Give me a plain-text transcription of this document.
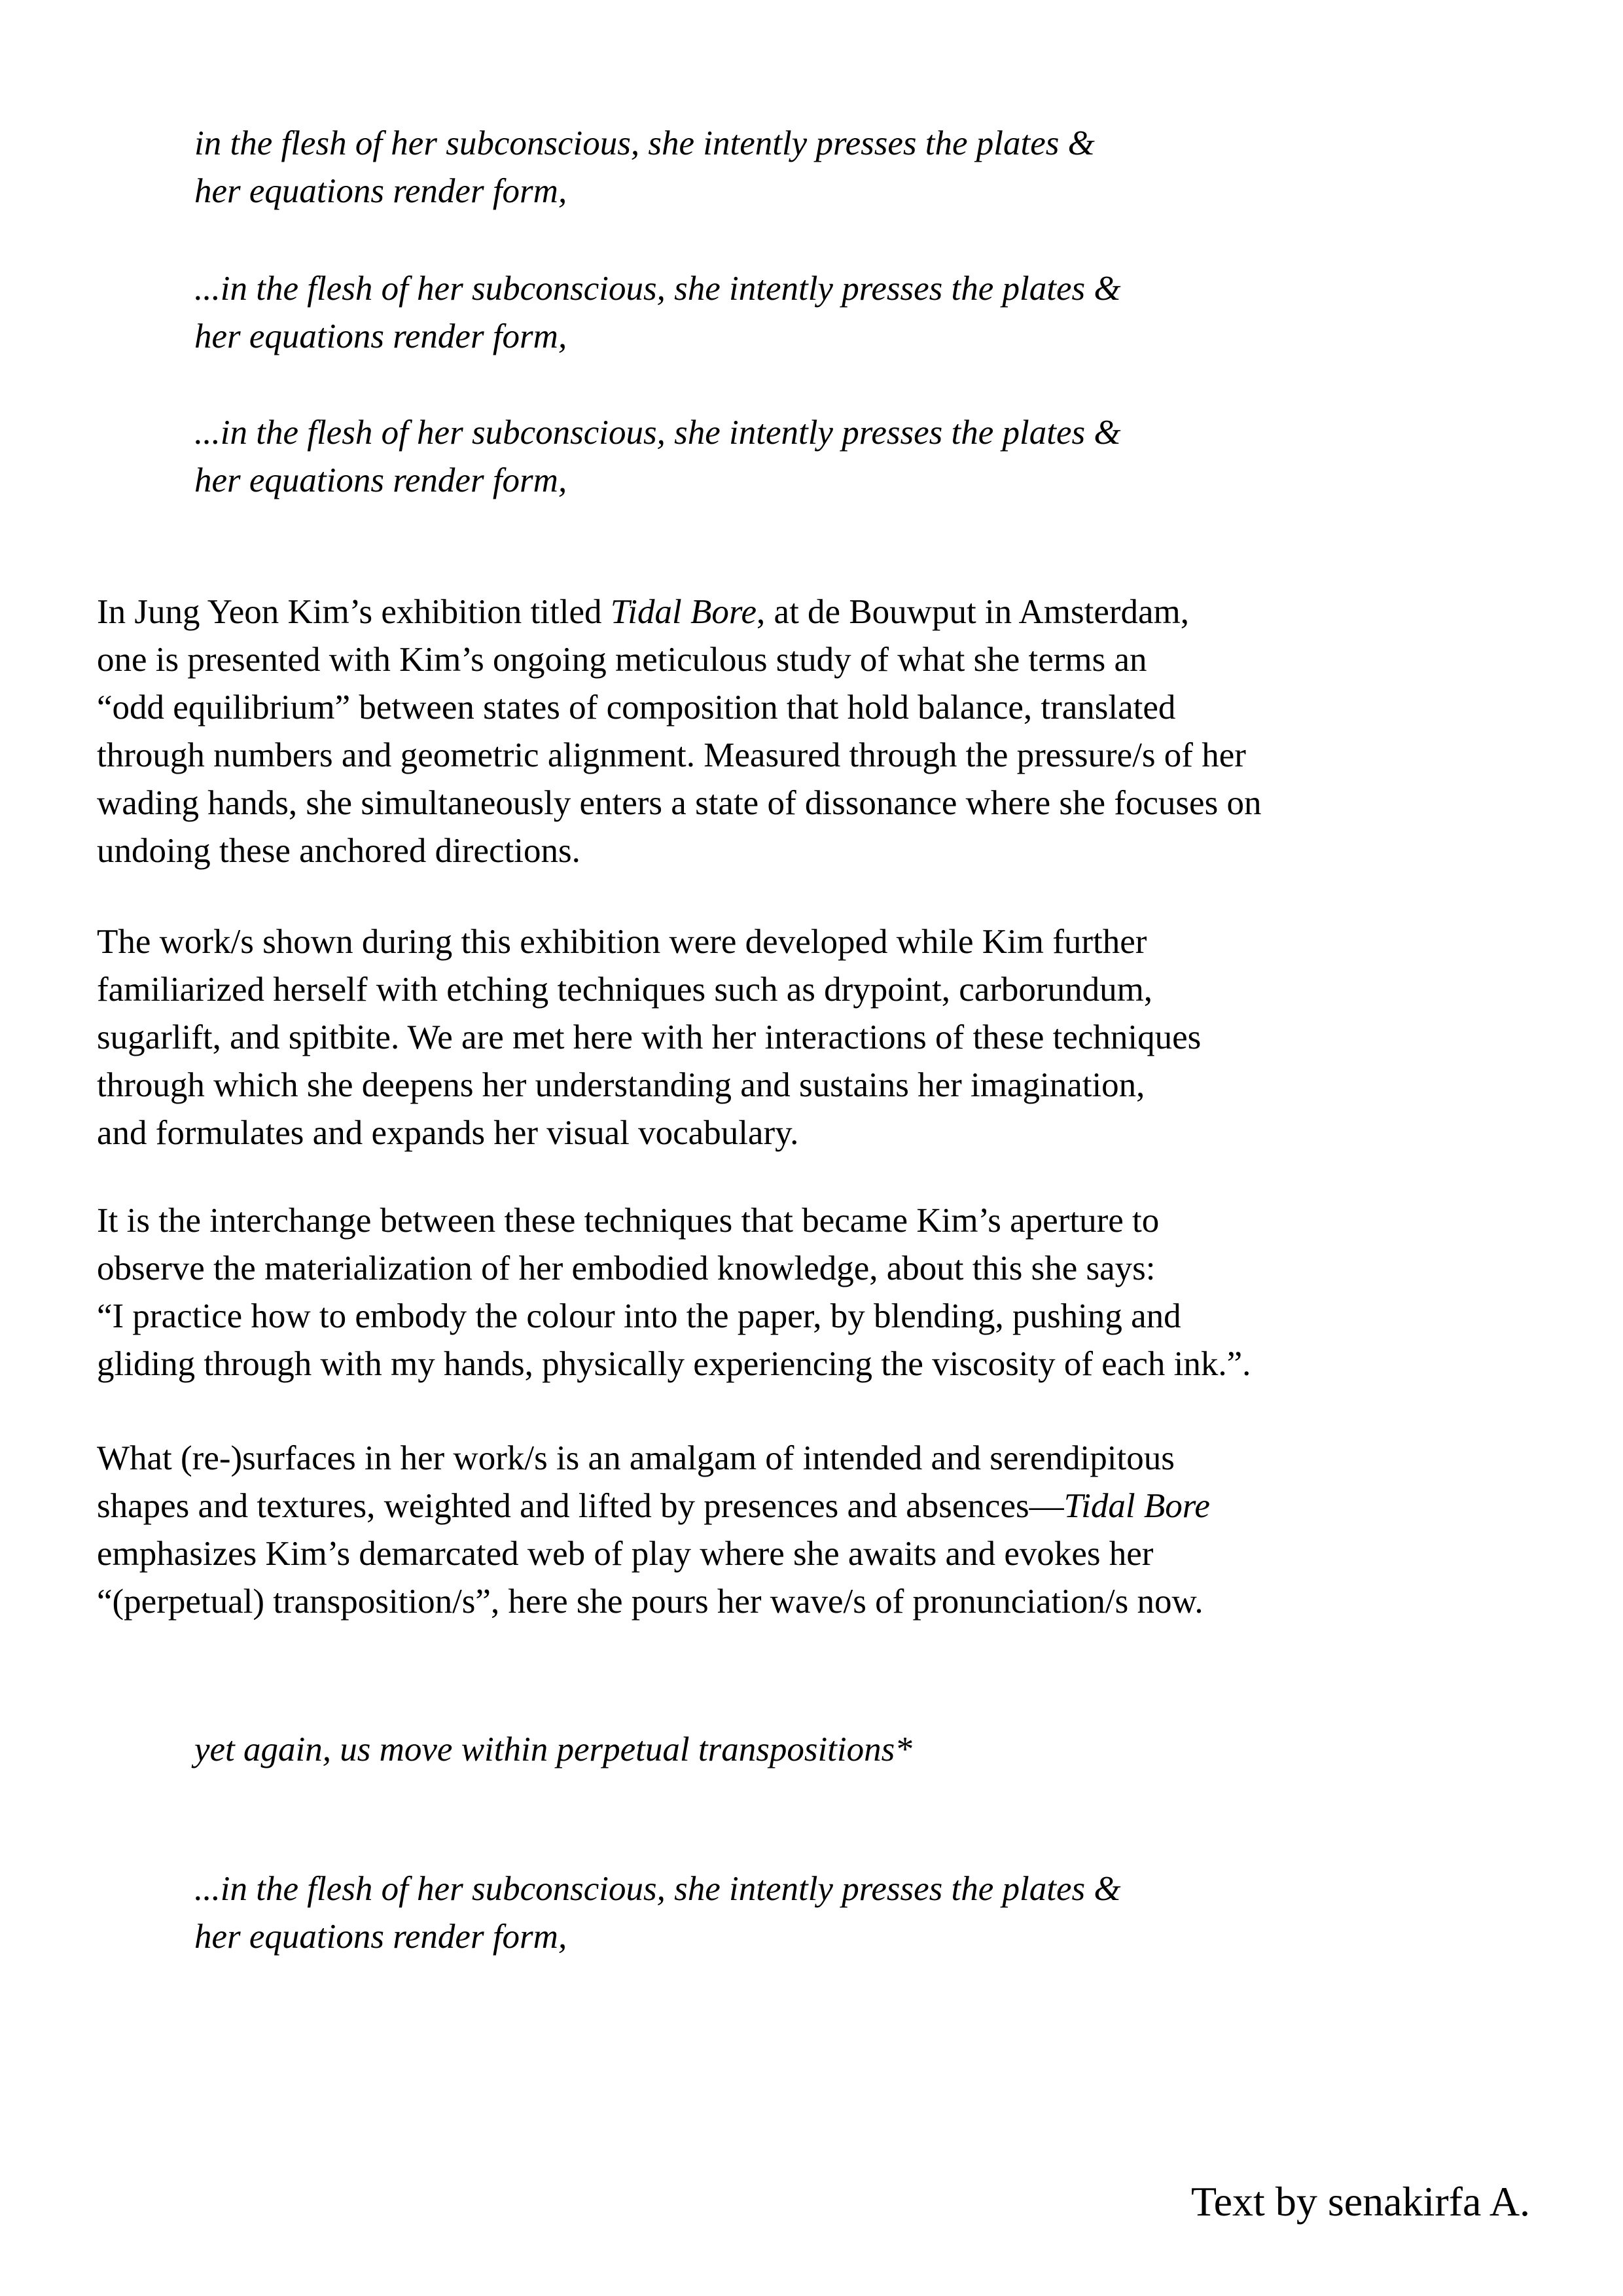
in the flesh of her subconscious, she intently presses the plates &
her equations render form,
...in the flesh of her subconscious, she intently presses the plates &
her equations render form,
...in the flesh of her subconscious, she intently presses the plates &
her equations render form,
In Jung Yeon Kim’s exhibition titled Tidal Bore, at de Bouwput in Amsterdam,
one is presented with Kim’s ongoing meticulous study of what she terms an
“odd equilibrium” between states of composition that hold balance, translated
through numbers and geometric alignment. Measured through the pressure/s of her
wading hands, she simultaneously enters a state of dissonance where she focuses on
undoing these anchored directions.
The work/s shown during this exhibition were developed while Kim further
familiarized herself with etching techniques such as drypoint, carborundum,
sugarlift, and spitbite. We are met here with her interactions of these techniques
through which she deepens her understanding and sustains her imagination,
and formulates and expands her visual vocabulary.
It is the interchange between these techniques that became Kim’s aperture to
observe the materialization of her embodied knowledge, about this she says:
“I practice how to embody the colour into the paper, by blending, pushing and
gliding through with my hands, physically experiencing the viscosity of each ink.”.
What (re-)surfaces in her work/s is an amalgam of intended and serendipitous
shapes and textures, weighted and lifted by presences and absences—Tidal Bore
emphasizes Kim’s demarcated web of play where she awaits and evokes her
“(perpetual) transposition/s”, here she pours her wave/s of pronunciation/s now.
yet again, us move within perpetual transpositions*
...in the flesh of her subconscious, she intently presses the plates &
her equations render form,
Text by senakirfa A.
